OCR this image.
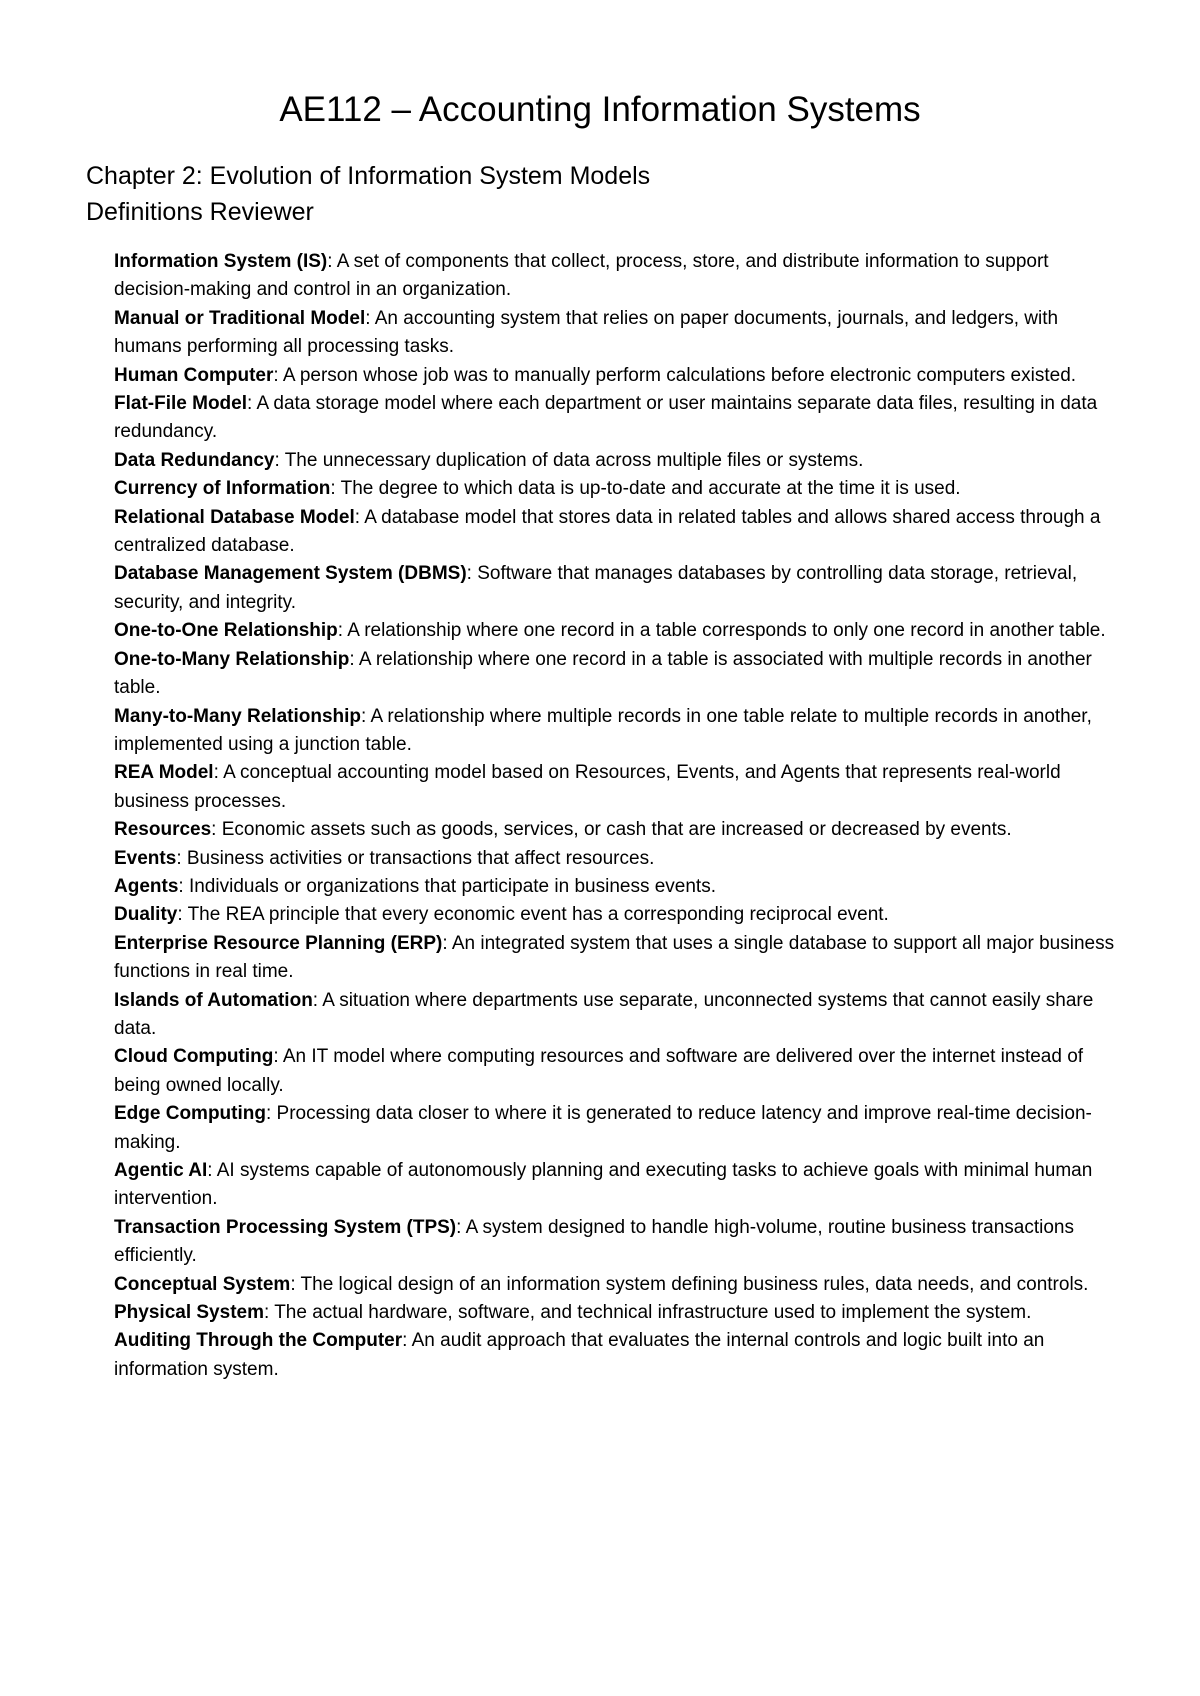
AE112 – Accounting Information Systems
Chapter 2: Evolution of Information System Models
Definitions Reviewer
Information System (IS): A set of components that collect, process, store, and distribute information to support decision-making and control in an organization.
Manual or Traditional Model: An accounting system that relies on paper documents, journals, and ledgers, with humans performing all processing tasks.
Human Computer: A person whose job was to manually perform calculations before electronic computers existed.
Flat-File Model: A data storage model where each department or user maintains separate data files, resulting in data redundancy.
Data Redundancy: The unnecessary duplication of data across multiple files or systems.
Currency of Information: The degree to which data is up-to-date and accurate at the time it is used.
Relational Database Model: A database model that stores data in related tables and allows shared access through a centralized database.
Database Management System (DBMS): Software that manages databases by controlling data storage, retrieval, security, and integrity.
One-to-One Relationship: A relationship where one record in a table corresponds to only one record in another table.
One-to-Many Relationship: A relationship where one record in a table is associated with multiple records in another table.
Many-to-Many Relationship: A relationship where multiple records in one table relate to multiple records in another, implemented using a junction table.
REA Model: A conceptual accounting model based on Resources, Events, and Agents that represents real-world business processes.
Resources: Economic assets such as goods, services, or cash that are increased or decreased by events.
Events: Business activities or transactions that affect resources.
Agents: Individuals or organizations that participate in business events.
Duality: The REA principle that every economic event has a corresponding reciprocal event.
Enterprise Resource Planning (ERP): An integrated system that uses a single database to support all major business functions in real time.
Islands of Automation: A situation where departments use separate, unconnected systems that cannot easily share data.
Cloud Computing: An IT model where computing resources and software are delivered over the internet instead of being owned locally.
Edge Computing: Processing data closer to where it is generated to reduce latency and improve real-time decision-making.
Agentic AI: AI systems capable of autonomously planning and executing tasks to achieve goals with minimal human intervention.
Transaction Processing System (TPS): A system designed to handle high-volume, routine business transactions efficiently.
Conceptual System: The logical design of an information system defining business rules, data needs, and controls.
Physical System: The actual hardware, software, and technical infrastructure used to implement the system.
Auditing Through the Computer: An audit approach that evaluates the internal controls and logic built into an information system.
